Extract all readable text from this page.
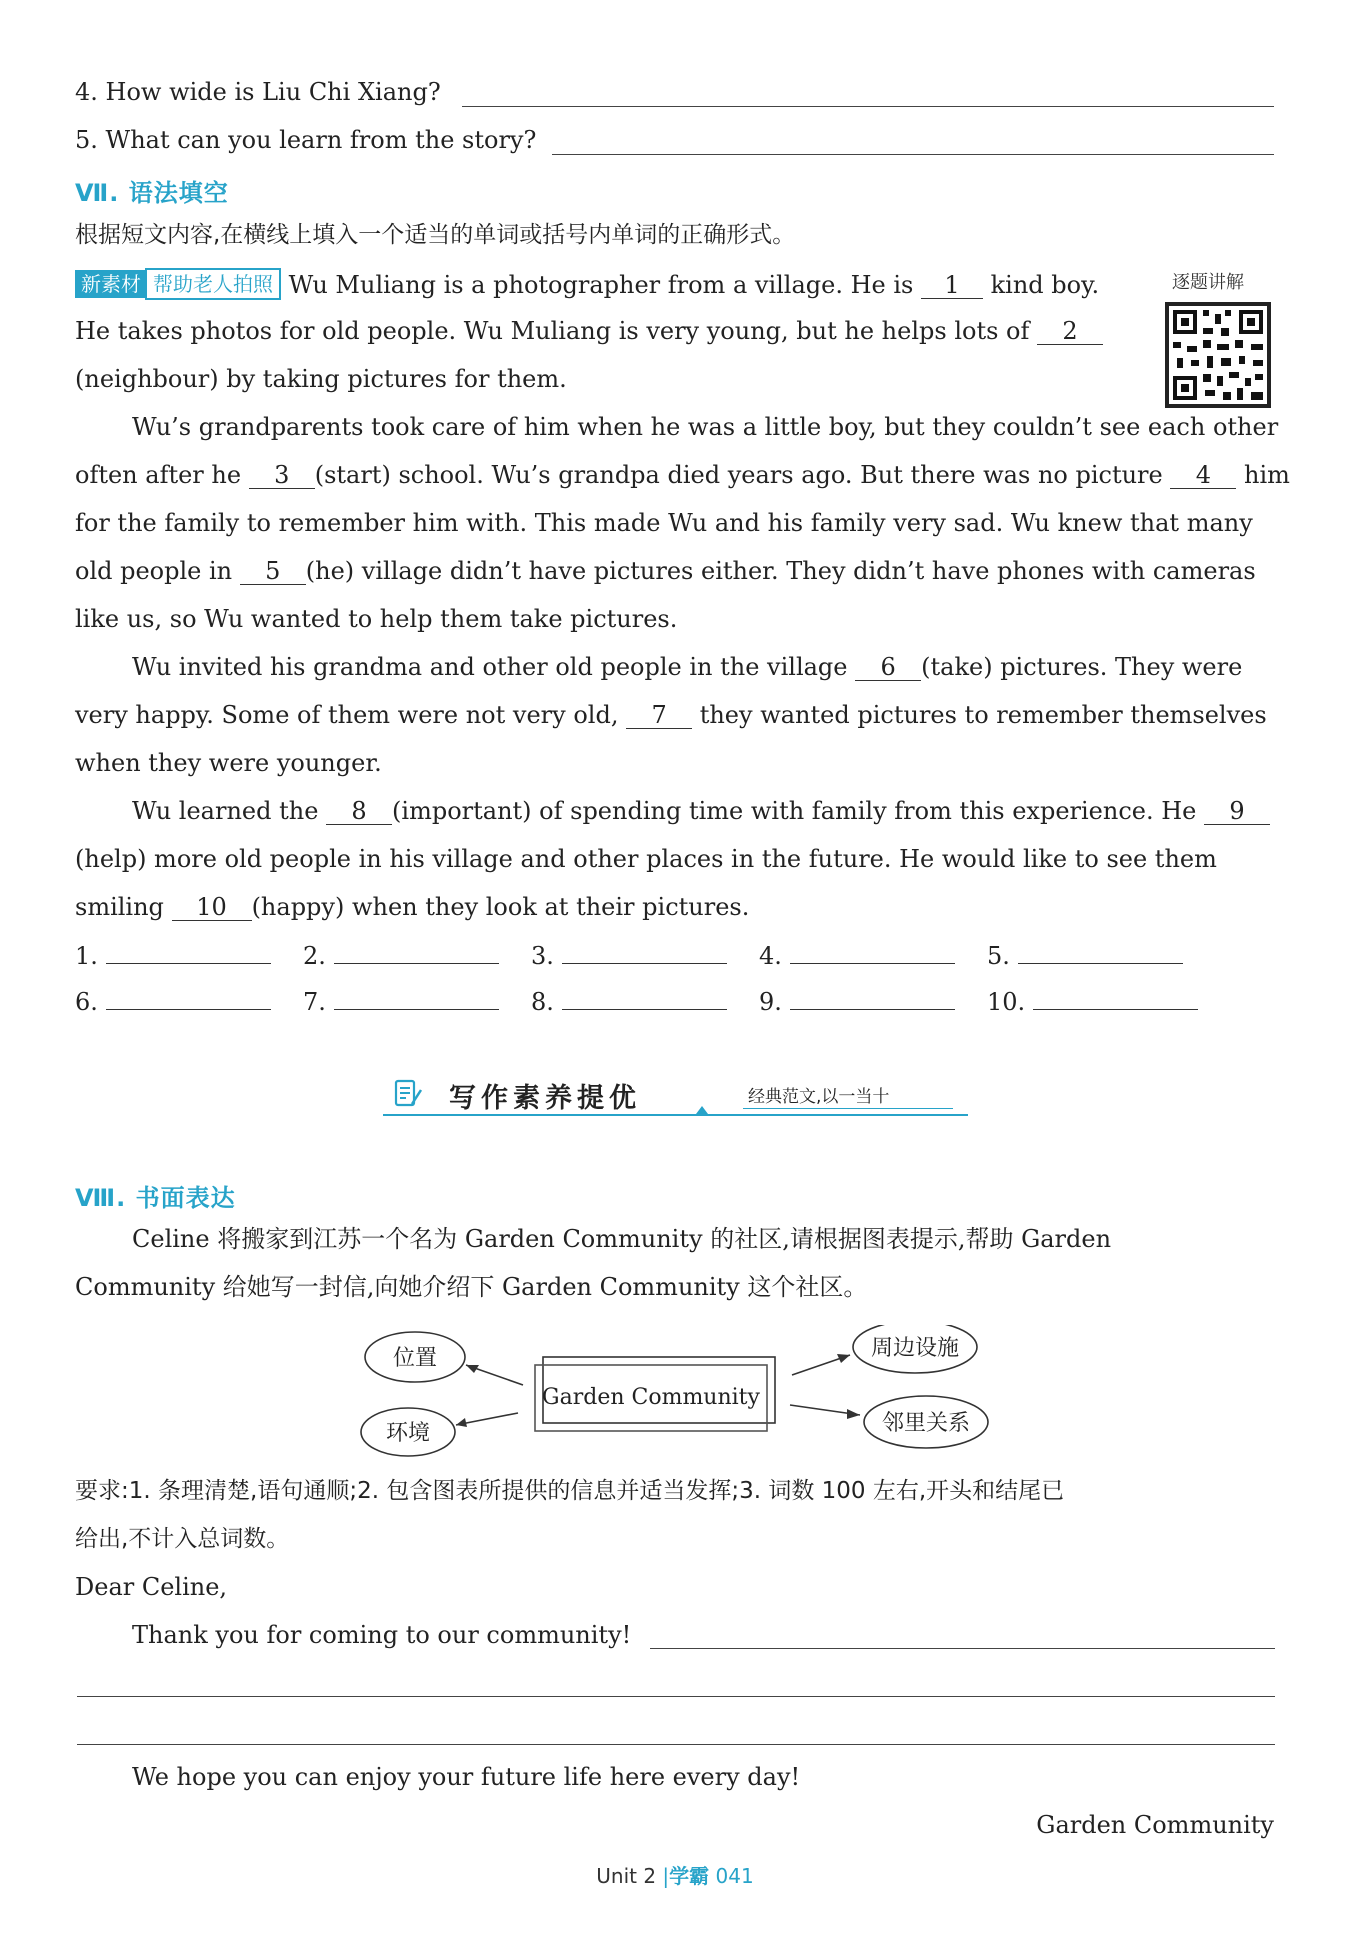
4. How wide is Liu Chi Xiang?
5. What can you learn from the story?
Ⅶ. 语法填空
根据短文内容,在横线上填入一个适当的单词或括号内单词的正确形式。
新素材 帮助老人拍照 Wu Muliang is a photographer from a village. He is 1 kind boy.
He takes photos for old people. Wu Muliang is very young, but he helps lots of 2
(neighbour) by taking pictures for them.
逐题讲解
Wu’s grandparents took care of him when he was a little boy, but they couldn’t see each other
often after he 3 (start) school. Wu’s grandpa died years ago. But there was no picture 4 him
for the family to remember him with. This made Wu and his family very sad. Wu knew that many
old people in 5 (he) village didn’t have pictures either. They didn’t have phones with cameras
like us, so Wu wanted to help them take pictures.
Wu invited his grandma and other old people in the village 6 (take) pictures. They were
very happy. Some of them were not very old, 7 they wanted pictures to remember themselves
when they were younger.
Wu learned the 8 (important) of spending time with family from this experience. He 9
(help) more old people in his village and other places in the future. He would like to see them
smiling 10 (happy) when they look at their pictures.
1.	2.	3.	4.	5.
6.	7.	8.	9.	10.
写作素养提优	经典范文,以一当十
Ⅷ. 书面表达
Celine 将搬家到江苏一个名为 Garden Community 的社区,请根据图表提示,帮助 Garden
Community 给她写一封信,向她介绍下 Garden Community 这个社区。
位置
环境
周边设施
邻里关系
Garden Community
要求:1. 条理清楚,语句通顺;2. 包含图表所提供的信息并适当发挥;3. 词数 100 左右,开头和结尾已
给出,不计入总词数。
Dear Celine,
Thank you for coming to our community!
We hope you can enjoy your future life here every day!
Garden Community
Unit 2 |学霸 041
